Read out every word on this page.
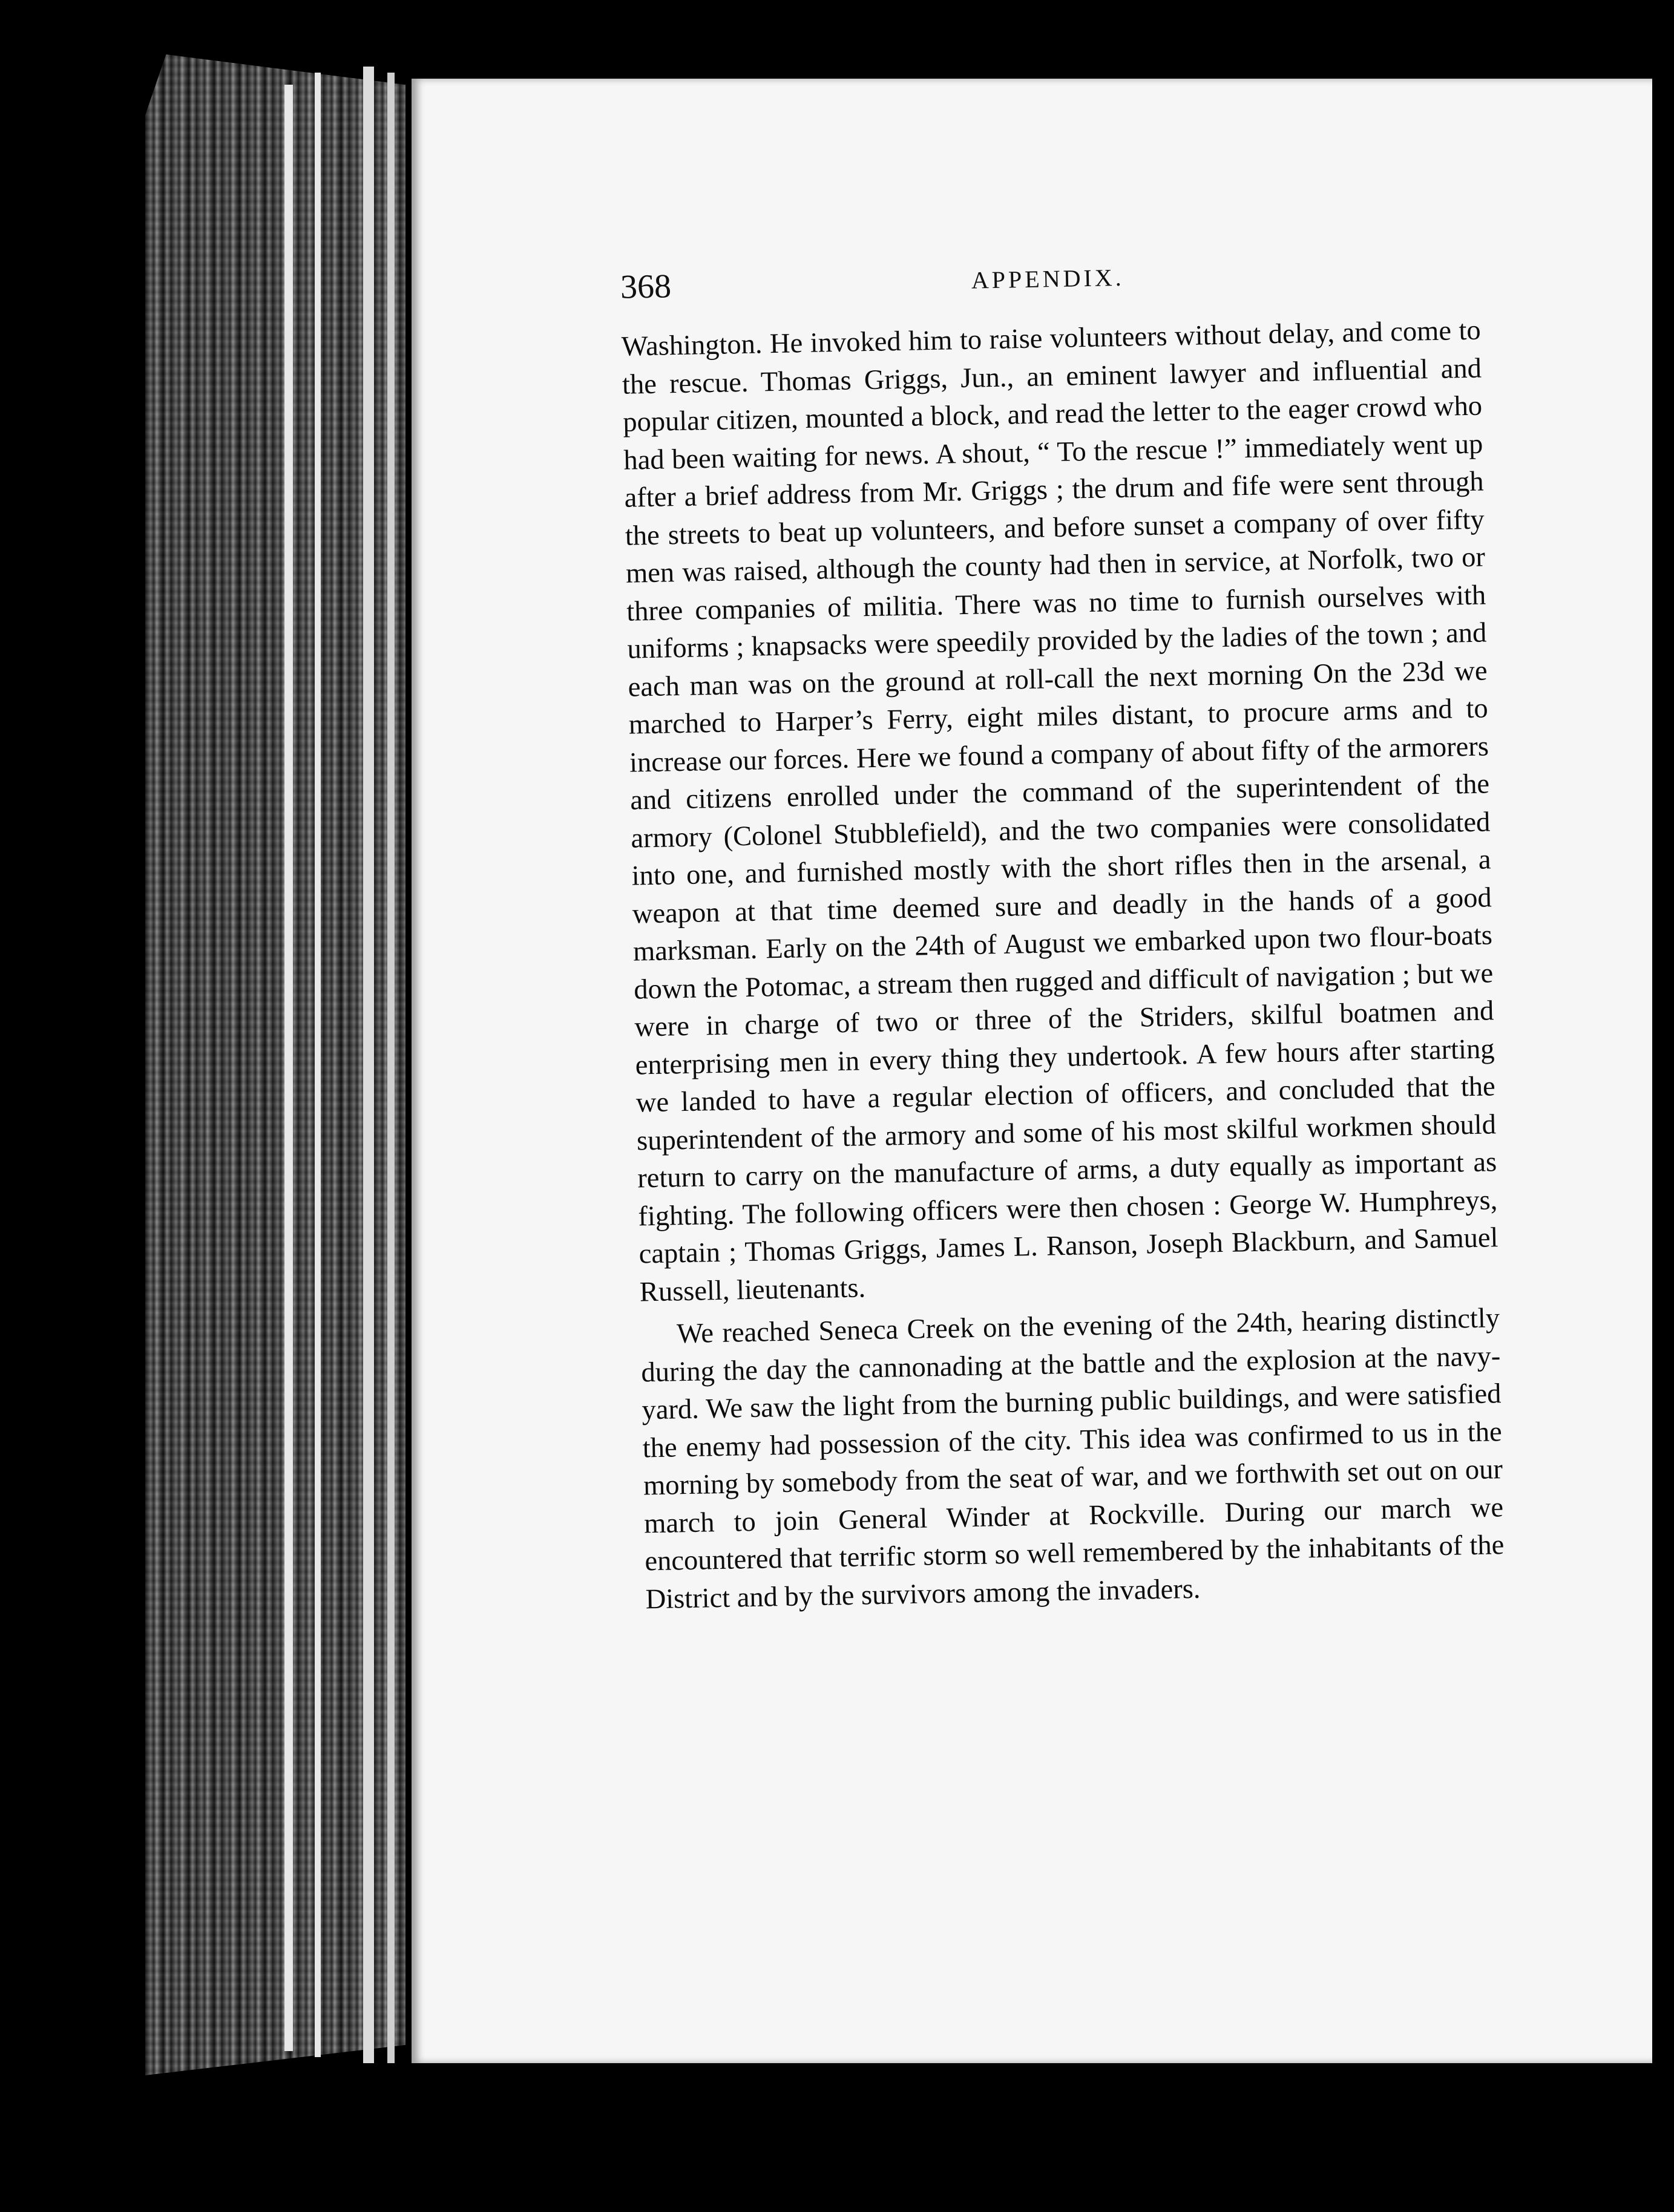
368	APPENDIX.

Washington. He invoked him to raise volunteers without delay, and come to the rescue. Thomas Griggs, Jun., an eminent lawyer and influential and popular citizen, mounted a block, and read the letter to the eager crowd who had been waiting for news. A shout, “ To the rescue !” immediately went up after a brief address from Mr. Griggs ; the drum and fife were sent through the streets to beat up volunteers, and before sunset a company of over fifty men was raised, although the county had then in service, at Norfolk, two or three companies of militia. There was no time to furnish ourselves with uniforms ; knapsacks were speedily provided by the ladies of the town ; and each man was on the ground at roll-call the next morning On the 23d we marched to Harper’s Ferry, eight miles distant, to procure arms and to increase our forces. Here we found a company of about fifty of the armorers and citizens enrolled under the command of the superintendent of the armory (Colonel Stubblefield), and the two companies were consolidated into one, and furnished mostly with the short rifles then in the arsenal, a weapon at that time deemed sure and deadly in the hands of a good marksman. Early on the 24th of August we embarked upon two flour-boats down the Potomac, a stream then rugged and difficult of navigation ; but we were in charge of two or three of the Striders, skilful boatmen and enterprising men in every thing they undertook. A few hours after starting we landed to have a regular election of officers, and concluded that the superintendent of the armory and some of his most skilful workmen should return to carry on the manufacture of arms, a duty equally as important as fighting. The following officers were then chosen : George W. Humphreys, captain ; Thomas Griggs, James L. Ranson, Joseph Blackburn, and Samuel Russell, lieutenants.

We reached Seneca Creek on the evening of the 24th, hearing distinctly during the day the cannonading at the battle and the explosion at the navy-yard. We saw the light from the burning public buildings, and were satisfied the enemy had possession of the city. This idea was confirmed to us in the morning by somebody from the seat of war, and we forthwith set out on our march to join General Winder at Rockville. During our march we encountered that terrific storm so well remembered by the inhabitants of the District and by the survivors among the invaders.
